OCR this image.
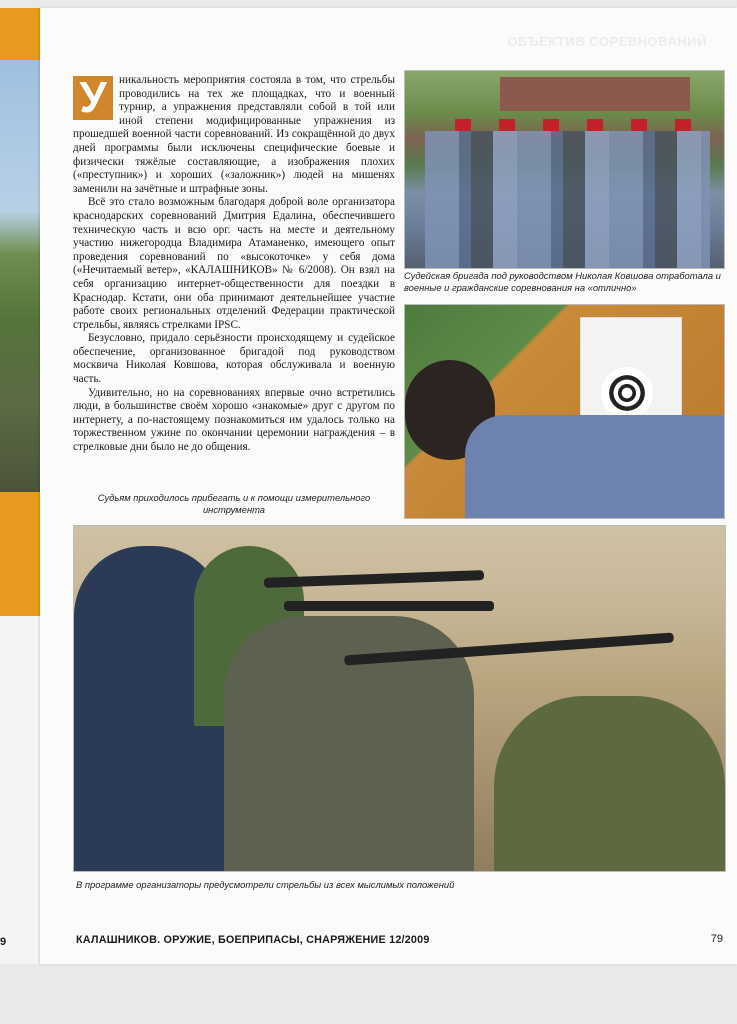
9
ОБЪЕКТИВ СОРЕВНОВАНИЙ

У	никальность мероприятия состояла в том, что стрельбы проводились на тех же площадках, что и военный турнир, а упражнения представляли собой в той или иной степени модифицированные упражнения из прошедшей военной части соревнований. Из сокращённой до двух дней программы были исключены специфические боевые и физически тяжёлые составляющие, а изображения плохих («преступник») и хороших («заложник») людей на мишенях заменили на зачётные и штрафные зоны.

Всё это стало возможным благодаря доброй воле организатора краснодарских соревнований Дмитрия Едалина, обеспечившего техническую часть и всю орг. часть на месте и деятельному участию нижегородца Владимира Атаманенко, имеющего опыт проведения соревнований по «высокоточке» у себя дома («Нечитаемый ветер», «КАЛАШНИКОВ» № 6/2008). Он взял на себя организацию интернет-общественности для поездки в Краснодар. Кстати, они оба принимают деятельнейшее участие работе своих региональных отделений Федерации практической стрельбы, являясь стрелками IPSC.

Безусловно, придало серьёзности происходящему и судейское обеспечение, организованное бригадой под руководством москвича Николая Ковшова, которая обслуживала и военную часть.

Удивительно, но на соревнованиях впервые очно встретились люди, в большинстве своём хорошо «знакомые» друг с другом по интернету, а по-настоящему познакомиться им удалось только на торжественном ужине по окончании церемонии награждения – в стрелковые дни было не до общения.

Судьям приходилось прибегать и к помощи измерительного инструмента
Судейская бригада под руководством Николая Ковшова отработала и военные и гражданские соревнования на «отлично»
В программе организаторы предусмотрели стрельбы из всех мыслимых положений
КАЛАШНИКОВ. ОРУЖИЕ, БОЕПРИПАСЫ, СНАРЯЖЕНИЕ 12/2009	79
